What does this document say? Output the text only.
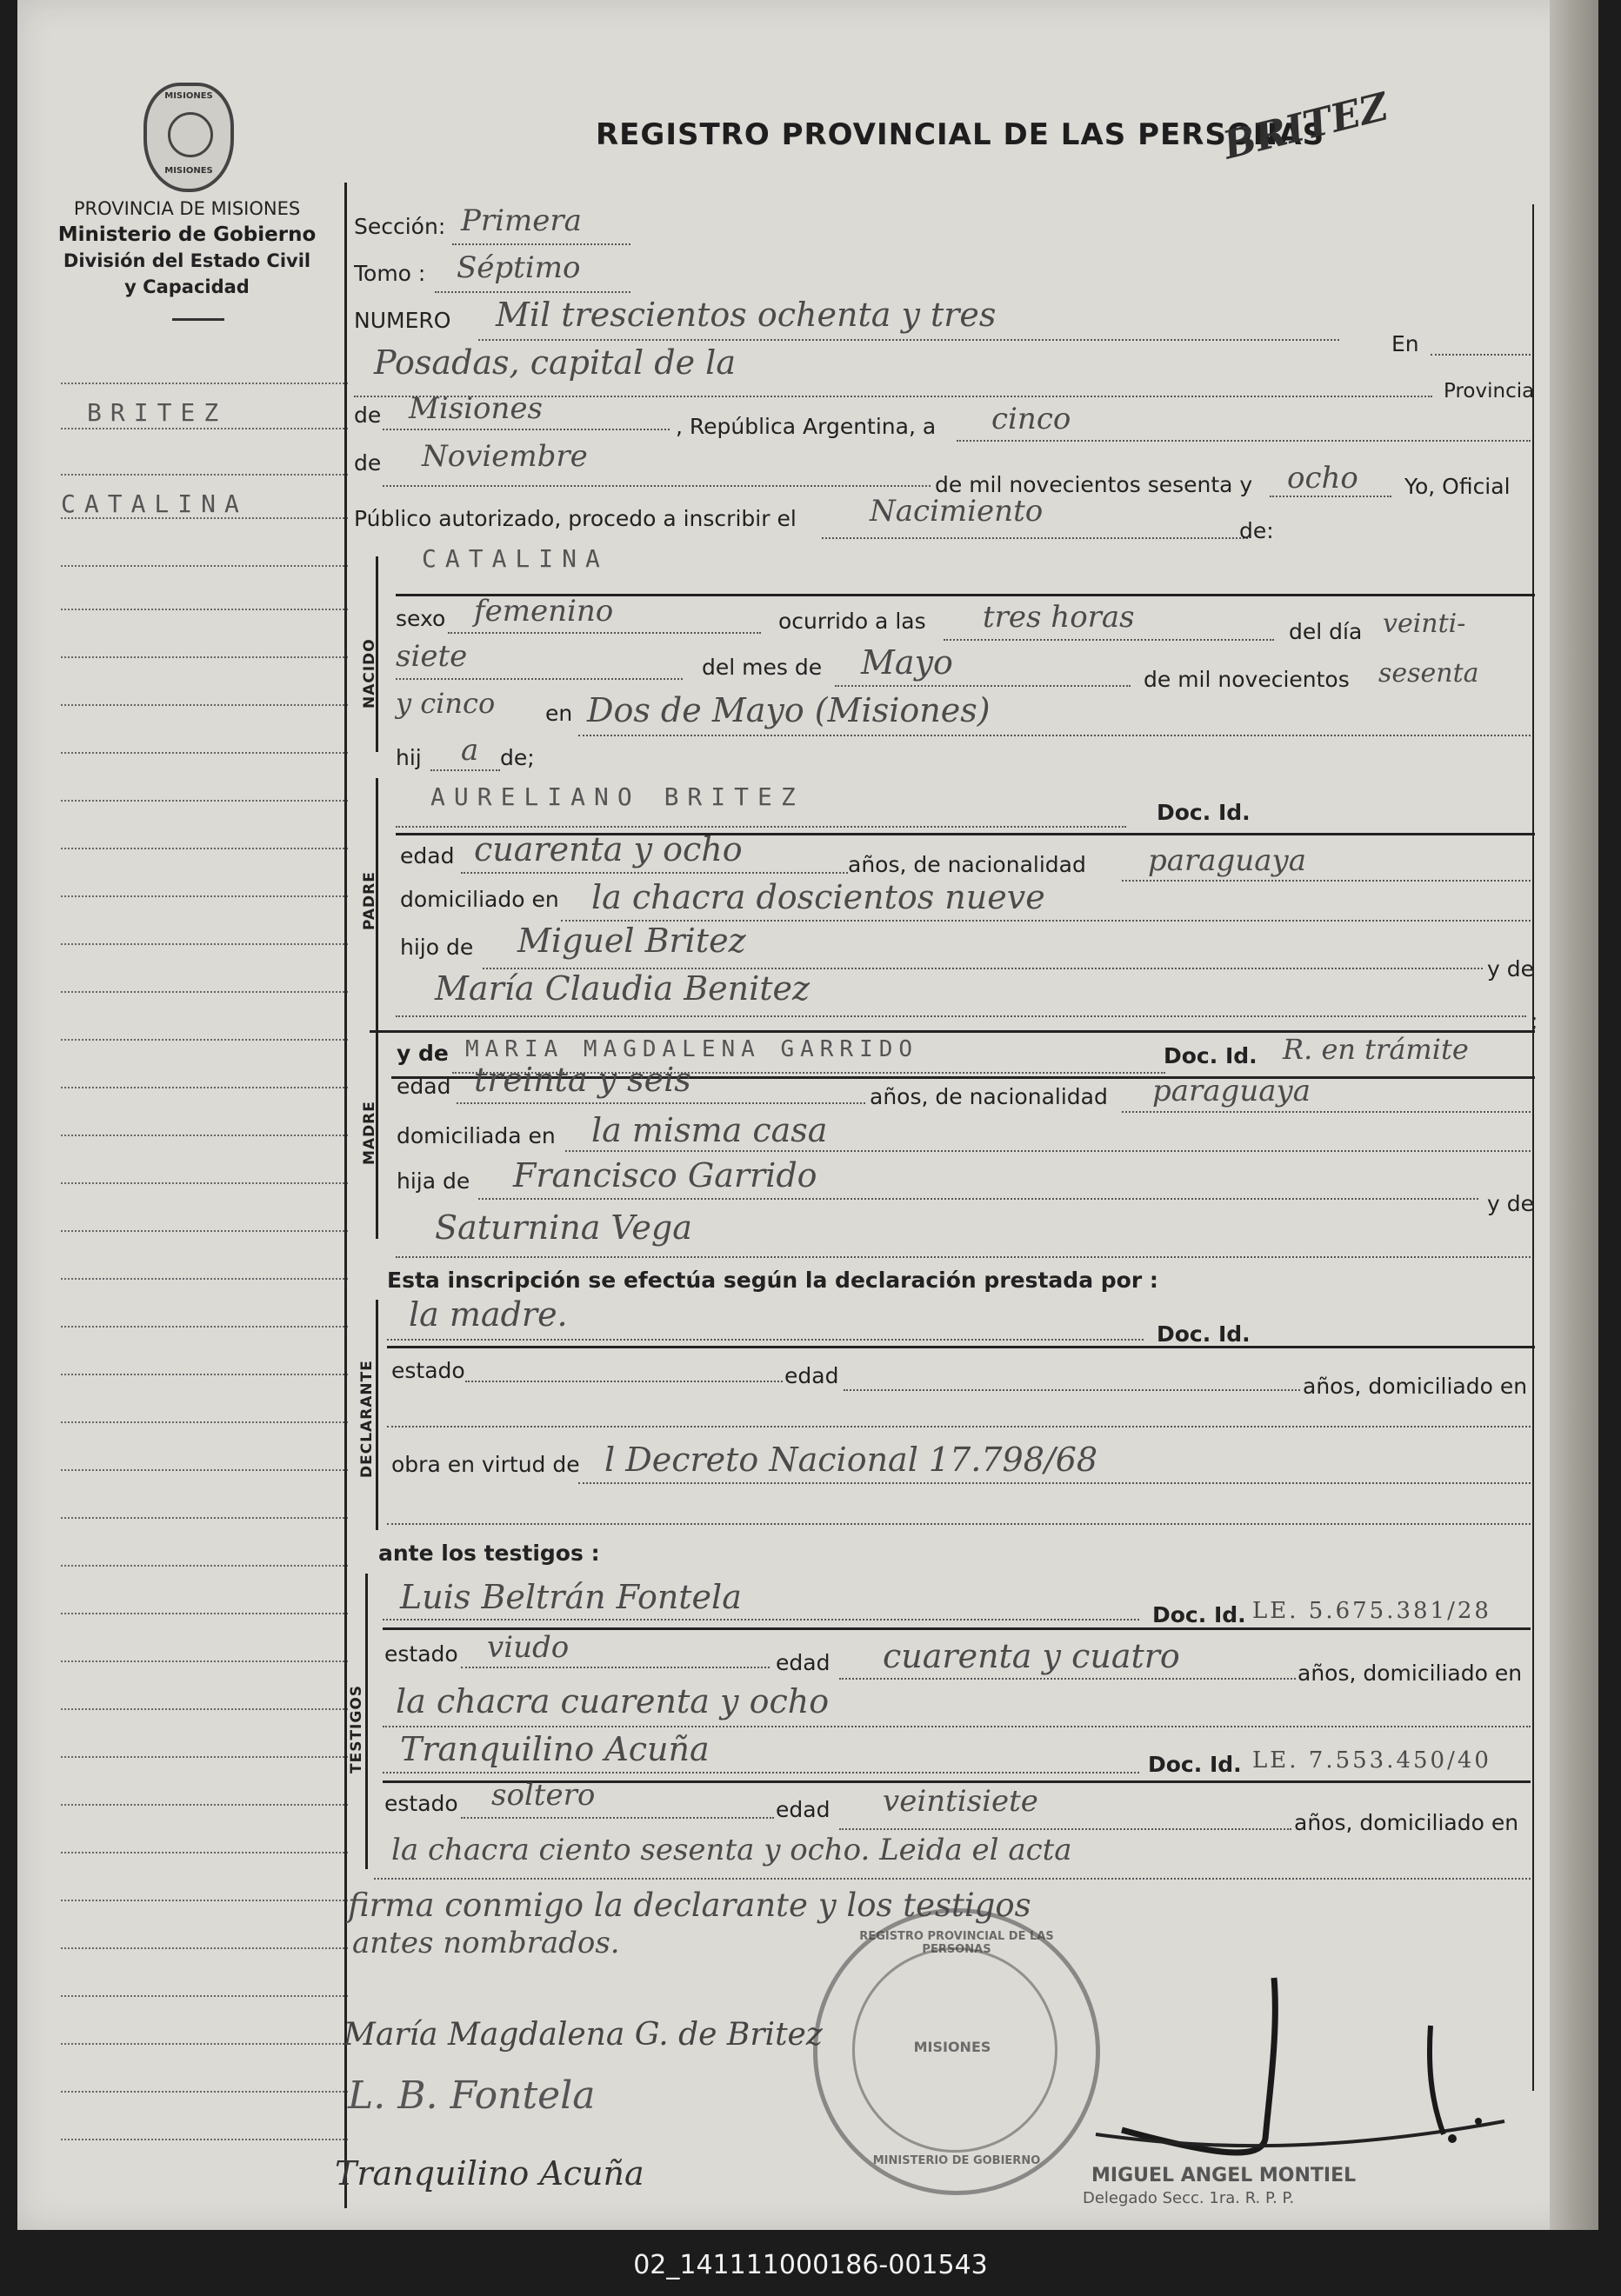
MISIONES
MISIONES
PROVINCIA DE MISIONES
Ministerio de Gobierno
División del Estado Civil
y Capacidad
REGISTRO PROVINCIAL DE LAS PERSONAS
BRITEZ
BRITEZ
CATALINA
Sección: Primera
Tomo : Séptimo
NUMERO Mil trescientos ochenta y tres
En
Posadas, capital de la
Provincia
de Misiones
, República Argentina, a cinco
de Noviembre
de mil novecientos sesenta y ocho Yo, Oficial
Público autorizado, procedo a inscribir el Nacimiento
de:
NACIDO
CATALINA
sexo femenino	ocurrido a las tres horas	del día veinti-
siete	del mes de Mayo	de mil novecientos sesenta
y cinco en Dos de Mayo (Misiones)
hij a de;
PADRE
AURELIANO BRITEZ
Doc. Id.
edad cuarenta y ocho	años, de nacionalidad paraguaya
domiciliado en la chacra doscientos nueve
hijo de Miguel Britez
y de
María Claudia Benitez
;
MADRE
y de MARIA MAGDALENA GARRIDO	Doc. Id. R. en trámite
edad treinta y seis	años, de nacionalidad paraguaya
domiciliada en la misma casa
hija de Francisco Garrido
y de
Saturnina Vega
Esta inscripción se efectúa según la declaración prestada por :
DECLARANTE
la madre.
Doc. Id.
estado	edad	años, domiciliado en
obra en virtud de l Decreto Nacional 17.798/68
ante los testigos :
TESTIGOS
Luis Beltrán Fontela	Doc. Id. LE. 5.675.381/28
estado viudo	edad cuarenta y cuatro	años, domiciliado en
la chacra cuarenta y ocho
Tranquilino Acuña	Doc. Id. LE. 7.553.450/40
estado soltero	edad veintisiete
años, domiciliado en
la chacra ciento sesenta y ocho. Leida el acta
firma conmigo la declarante y los testigos
antes nombrados.	REGISTRO PROVINCIAL DE LAS PERSONAS
MISIONES
MINISTERIO DE GOBIERNO
María Magdalena G. de Britez
L. B. Fontela
Tranquilino Acuña	MIGUEL ANGEL MONTIEL
Delegado Secc. 1ra. R. P. P.
02_141111000186-001543
